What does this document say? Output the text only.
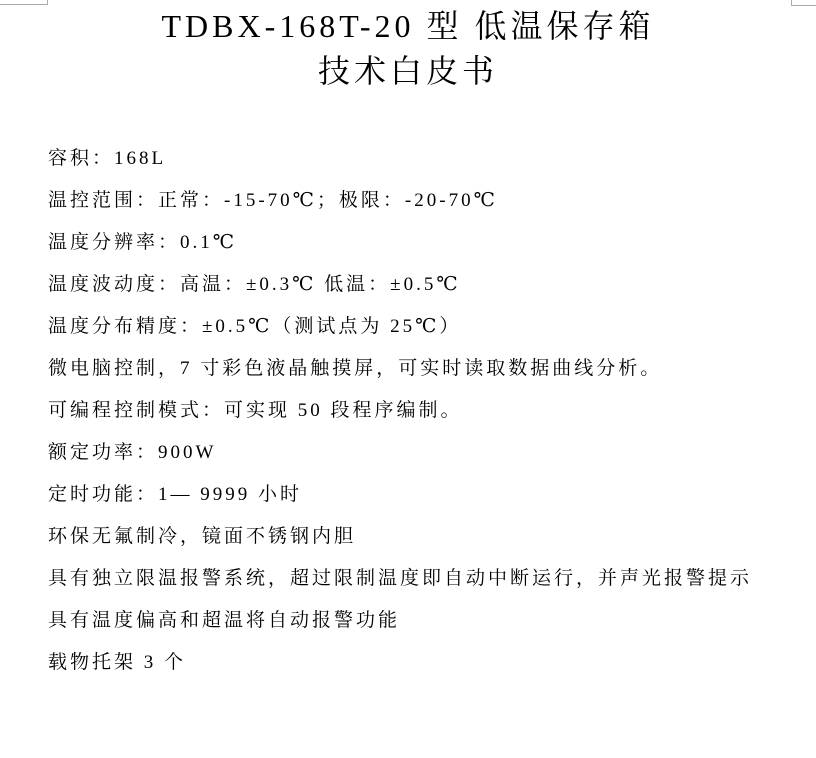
TDBX-168T-20 型 低温保存箱
技术白皮书

容积：168L

温控范围：正常：-15-70℃；极限：-20-70℃

温度分辨率：0.1℃

温度波动度：高温：±0.3℃ 低温：±0.5℃

温度分布精度：±0.5℃（测试点为 25℃）

微电脑控制，7 寸彩色液晶触摸屏，可实时读取数据曲线分析。

可编程控制模式：可实现 50 段程序编制。

额定功率：900W

定时功能：1— 9999 小时

环保无氟制冷，镜面不锈钢内胆

具有独立限温报警系统，超过限制温度即自动中断运行，并声光报警提示

具有温度偏高和超温将自动报警功能

载物托架 3 个
